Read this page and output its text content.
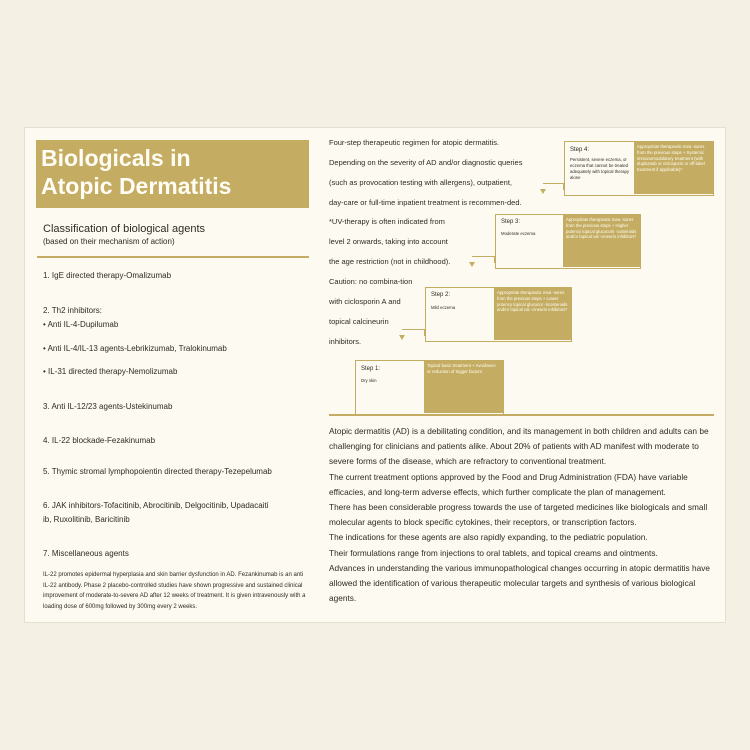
Biologicals in
Atopic Dermatitis
Classification of biological agents
(based on their mechanism of action)
1. IgE directed therapy-Omalizumab
2. Th2 inhibitors:
• Anti IL-4-Dupilumab
• Anti IL-4/IL-13 agents-Lebrikizumab, Tralokinumab
• IL-31 directed therapy-Nemolizumab
3. Anti IL-12/23 agents-Ustekinumab
4. IL-22 blockade-Fezakinumab
5. Thymic stromal lymphopoientin directed therapy-Tezepelumab
6. JAK inhibitors-Tofacitinib, Abrocitinib, Delgocitinib, Upadacaiti
ib, Ruxolitinib, Baricitinib
7. Miscellaneous agents
IL-22 promotes epidermal hyperplasia and skin barrier dysfunction in AD. Fezankinumab is an anti IL-22 antibody. Phase 2 placebo-controlled studies have shown progressive and sustained clinical improvement of moderate-to-severe AD after 12 weeks of treatment. It is given intravenously with a loading dose of 600mg followed by 300mg every 2 weeks.
Four-step therapeutic regimen for atopic dermatitis.
Depending on the severity of AD and/or diagnostic queries
(such as provocation testing with allergens), outpatient,
day-care or full-time inpatient treatment is recommen-ded.
*UV-therapy is often indicated from
level 2 onwards, taking into account
the age restriction (not in childhood).
Caution: no combina-tion
with ciclosporin A and
topical calcineurin
inhibitors.
Step 4:
Persistent, severe eczema, or eczema that cannot be treated adequately with topical therapy alone
Appropriate therapeutic mea -sures from the previous steps + Systemic immunomodulatory treatment (with dupilumab or ciclosporin or off-label treatment if applicable)*
Step 3:
Moderate eczema
Appropriate therapeutic mea -sures from the previous steps + Higher potency topical glucocorti -costeroids and/or topical cal -cineurin inhibitors*
Step 2:
Mild eczema
Appropriate therapeutic mea -sures from the previous steps + Lower potency topical glucocor -ticosteroids and/or topical cal -cineurin inhibitors*
Step 1:
Dry skin
Topical basic treatment + Avoidance or reduction of trigger factors

Atopic dermatitis (AD) is a debilitating condition, and its management in both children and adults can be challenging for clinicians and patients alike. About 20% of patients with AD manifest with moderate to severe forms of the disease, which are refractory to conventional treatment.

The current treatment options approved by the Food and Drug Administration (FDA) have variable efficacies, and long-term adverse effects, which further complicate the plan of management.

There has been considerable progress towards the use of targeted medicines like biologicals and small molecular agents to block specific cytokines, their receptors, or transcription factors.

The indications for these agents are also rapidly expanding, to the pediatric population.

Their formulations range from injections to oral tablets, and topical creams and ointments.

Advances in understanding the various immunopathological changes occurring in atopic dermatitis have allowed the identification of various therapeutic molecular targets and synthesis of various biological agents.
